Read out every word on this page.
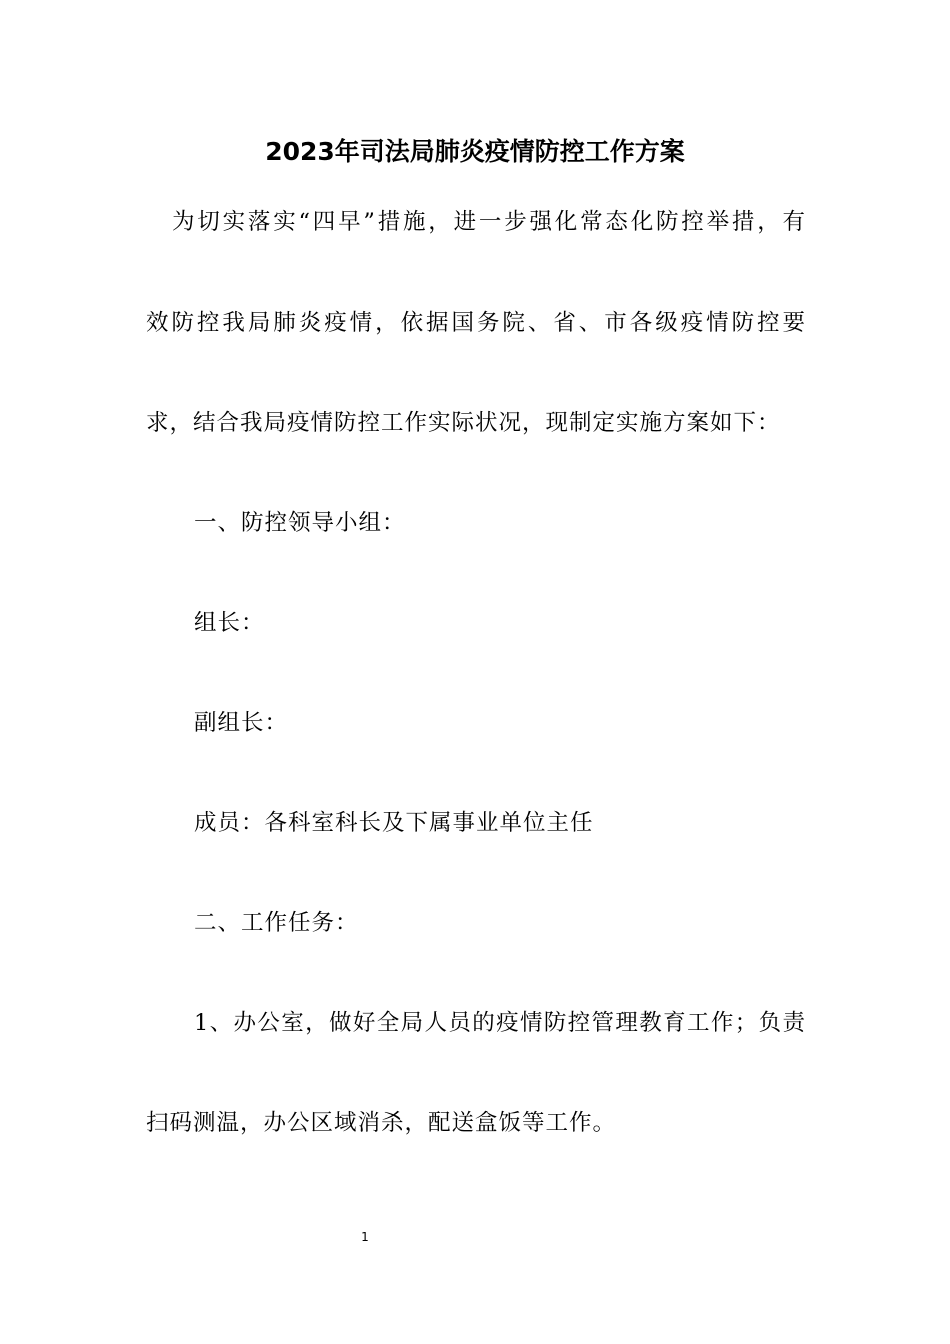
2023年司法局肺炎疫情防控工作方案
为切实落实“四早”措施，进一步强化常态化防控举措，有
效防控我局肺炎疫情，依据国务院、省、市各级疫情防控要
求，结合我局疫情防控工作实际状况，现制定实施方案如下：
一、防控领导小组：
组长：
副组长：
成员：各科室科长及下属事业单位主任
二、工作任务：
1、办公室，做好全局人员的疫情防控管理教育工作；负责
扫码测温，办公区域消杀，配送盒饭等工作。
1
